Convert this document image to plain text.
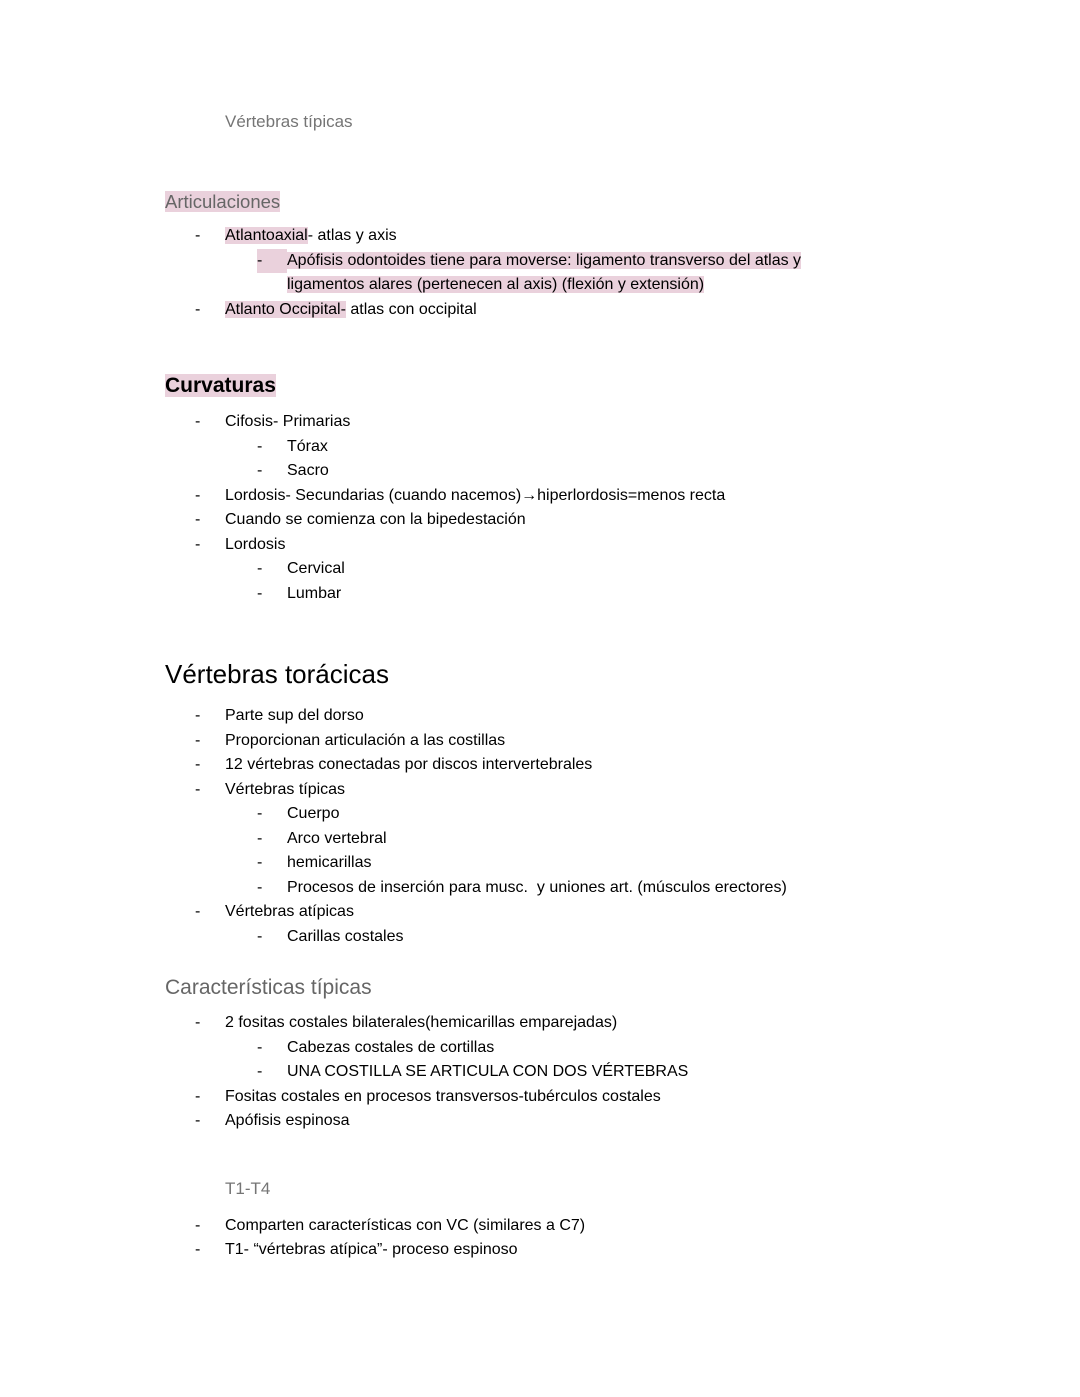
Vértebras típicas
Articulaciones
-	Atlantoaxial- atlas y axis
-	Apófisis odontoides tiene para moverse: ligamento transverso del atlas y
ligamentos alares (pertenecen al axis) (flexión y extensión)
-	Atlanto Occipital- atlas con occipital
Curvaturas
-	Cifosis- Primarias
-	Tórax
-	Sacro
-	Lordosis- Secundarias (cuando nacemos)→hiperlordosis=menos recta
-	Cuando se comienza con la bipedestación
-	Lordosis
-	Cervical
-	Lumbar
Vértebras torácicas
-	Parte sup del dorso
-	Proporcionan articulación a las costillas
-	12 vértebras conectadas por discos intervertebrales
-	Vértebras típicas
-	Cuerpo
-	Arco vertebral
-	hemicarillas
-	Procesos de inserción para musc.  y uniones art. (músculos erectores)
-	Vértebras atípicas
-	Carillas costales
Características típicas
-	2 fositas costales bilaterales(hemicarillas emparejadas)
-	Cabezas costales de cortillas
-	UNA COSTILLA SE ARTICULA CON DOS VÉRTEBRAS
-	Fositas costales en procesos transversos-tubérculos costales
-	Apófisis espinosa
T1-T4
-	Comparten características con VC (similares a C7)
-	T1- “vértebras atípica”- proceso espinoso
